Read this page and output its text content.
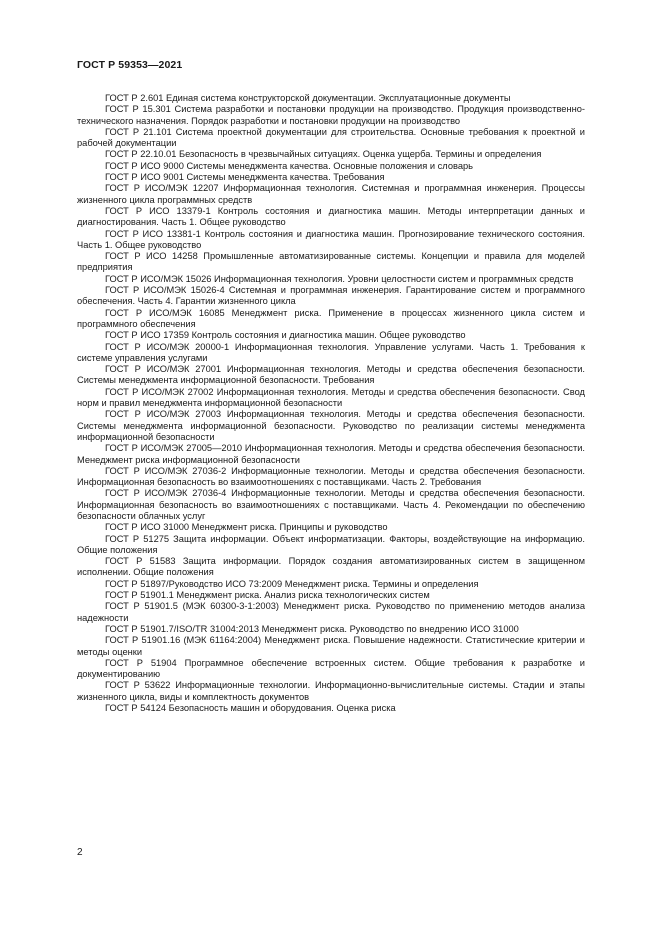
ГОСТ Р 59353—2021
ГОСТ Р 2.601 Единая система конструкторской документации. Эксплуатационные документы
ГОСТ Р 15.301 Система разработки и постановки продукции на производство. Продукция производственно-технического назначения. Порядок разработки и постановки продукции на производство
ГОСТ Р 21.101 Система проектной документации для строительства. Основные требования к проектной и рабочей документации
ГОСТ Р 22.10.01 Безопасность в чрезвычайных ситуациях. Оценка ущерба. Термины и определения
ГОСТ Р ИСО 9000 Системы менеджмента качества. Основные положения и словарь
ГОСТ Р ИСО 9001 Системы менеджмента качества. Требования
ГОСТ Р ИСО/МЭК 12207 Информационная технология. Системная и программная инженерия. Процессы жизненного цикла программных средств
ГОСТ Р ИСО 13379-1 Контроль состояния и диагностика машин. Методы интерпретации данных и диагностирования. Часть 1. Общее руководство
ГОСТ Р ИСО 13381-1 Контроль состояния и диагностика машин. Прогнозирование технического состояния. Часть 1. Общее руководство
ГОСТ Р ИСО 14258 Промышленные автоматизированные системы. Концепции и правила для моделей предприятия
ГОСТ Р ИСО/МЭК 15026 Информационная технология. Уровни целостности систем и программных средств
ГОСТ Р ИСО/МЭК 15026-4 Системная и программная инженерия. Гарантирование систем и программного обеспечения. Часть 4. Гарантии жизненного цикла
ГОСТ Р ИСО/МЭК 16085 Менеджмент риска. Применение в процессах жизненного цикла систем и программного обеспечения
ГОСТ Р ИСО 17359 Контроль состояния и диагностика машин. Общее руководство
ГОСТ Р ИСО/МЭК 20000-1 Информационная технология. Управление услугами. Часть 1. Требования к системе управления услугами
ГОСТ Р ИСО/МЭК 27001 Информационная технология. Методы и средства обеспечения безопасности. Системы менеджмента информационной безопасности. Требования
ГОСТ Р ИСО/МЭК 27002 Информационная технология. Методы и средства обеспечения безопасности. Свод норм и правил менеджмента информационной безопасности
ГОСТ Р ИСО/МЭК 27003 Информационная технология. Методы и средства обеспечения безопасности. Системы менеджмента информационной безопасности. Руководство по реализации системы менеджмента информационной безопасности
ГОСТ Р ИСО/МЭК 27005—2010 Информационная технология. Методы и средства обеспечения безопасности. Менеджмент риска информационной безопасности
ГОСТ Р ИСО/МЭК 27036-2 Информационные технологии. Методы и средства обеспечения безопасности. Информационная безопасность во взаимоотношениях с поставщиками. Часть 2. Требования
ГОСТ Р ИСО/МЭК 27036-4 Информационные технологии. Методы и средства обеспечения безопасности. Информационная безопасность во взаимоотношениях с поставщиками. Часть 4. Рекомендации по обеспечению безопасности облачных услуг
ГОСТ Р ИСО 31000 Менеджмент риска. Принципы и руководство
ГОСТ Р 51275 Защита информации. Объект информатизации. Факторы, воздействующие на информацию. Общие положения
ГОСТ Р 51583 Защита информации. Порядок создания автоматизированных систем в защищенном исполнении. Общие положения
ГОСТ Р 51897/Руководство ИСО 73:2009 Менеджмент риска. Термины и определения
ГОСТ Р 51901.1 Менеджмент риска. Анализ риска технологических систем
ГОСТ Р 51901.5 (МЭК 60300-3-1:2003) Менеджмент риска. Руководство по применению методов анализа надежности
ГОСТ Р 51901.7/ISO/TR 31004:2013 Менеджмент риска. Руководство по внедрению ИСО 31000
ГОСТ Р 51901.16 (МЭК 61164:2004) Менеджмент риска. Повышение надежности. Статистические критерии и методы оценки
ГОСТ Р 51904 Программное обеспечение встроенных систем. Общие требования к разработке и документированию
ГОСТ Р 53622 Информационные технологии. Информационно-вычислительные системы. Стадии и этапы жизненного цикла, виды и комплектность документов
ГОСТ Р 54124 Безопасность машин и оборудования. Оценка риска
2
